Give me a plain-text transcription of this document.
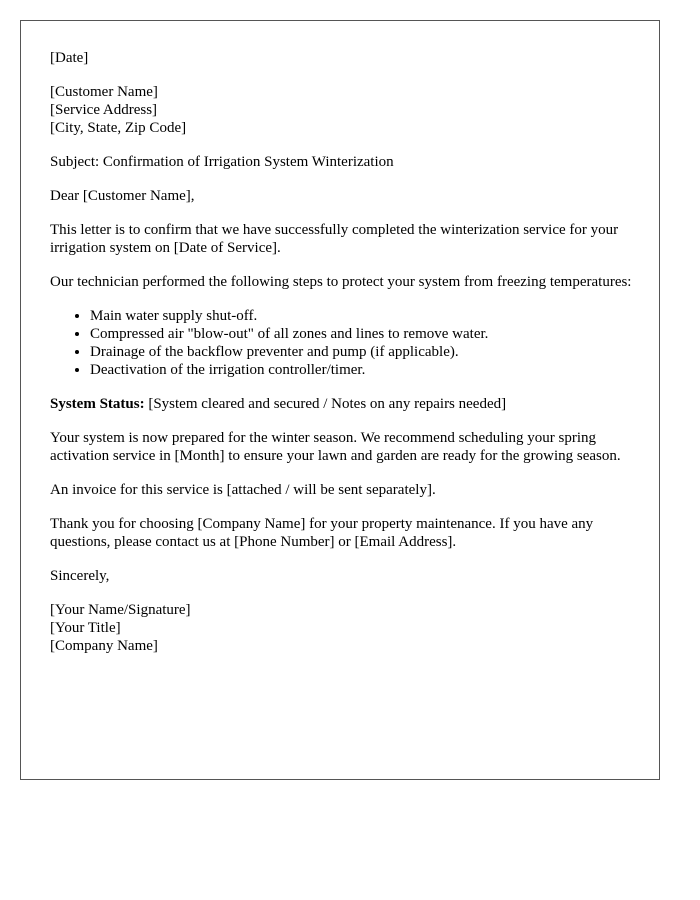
[Date]
[Customer Name]
[Service Address]
[City, State, Zip Code]
Subject: Confirmation of Irrigation System Winterization
Dear [Customer Name],
This letter is to confirm that we have successfully completed the winterization service for your irrigation system on [Date of Service].
Our technician performed the following steps to protect your system from freezing temperatures:
• Main water supply shut-off.
• Compressed air "blow-out" of all zones and lines to remove water.
• Drainage of the backflow preventer and pump (if applicable).
• Deactivation of the irrigation controller/timer.
System Status: [System cleared and secured / Notes on any repairs needed]
Your system is now prepared for the winter season. We recommend scheduling your spring activation service in [Month] to ensure your lawn and garden are ready for the growing season.
An invoice for this service is [attached / will be sent separately].
Thank you for choosing [Company Name] for your property maintenance. If you have any questions, please contact us at [Phone Number] or [Email Address].
Sincerely,
[Your Name/Signature]
[Your Title]
[Company Name]
